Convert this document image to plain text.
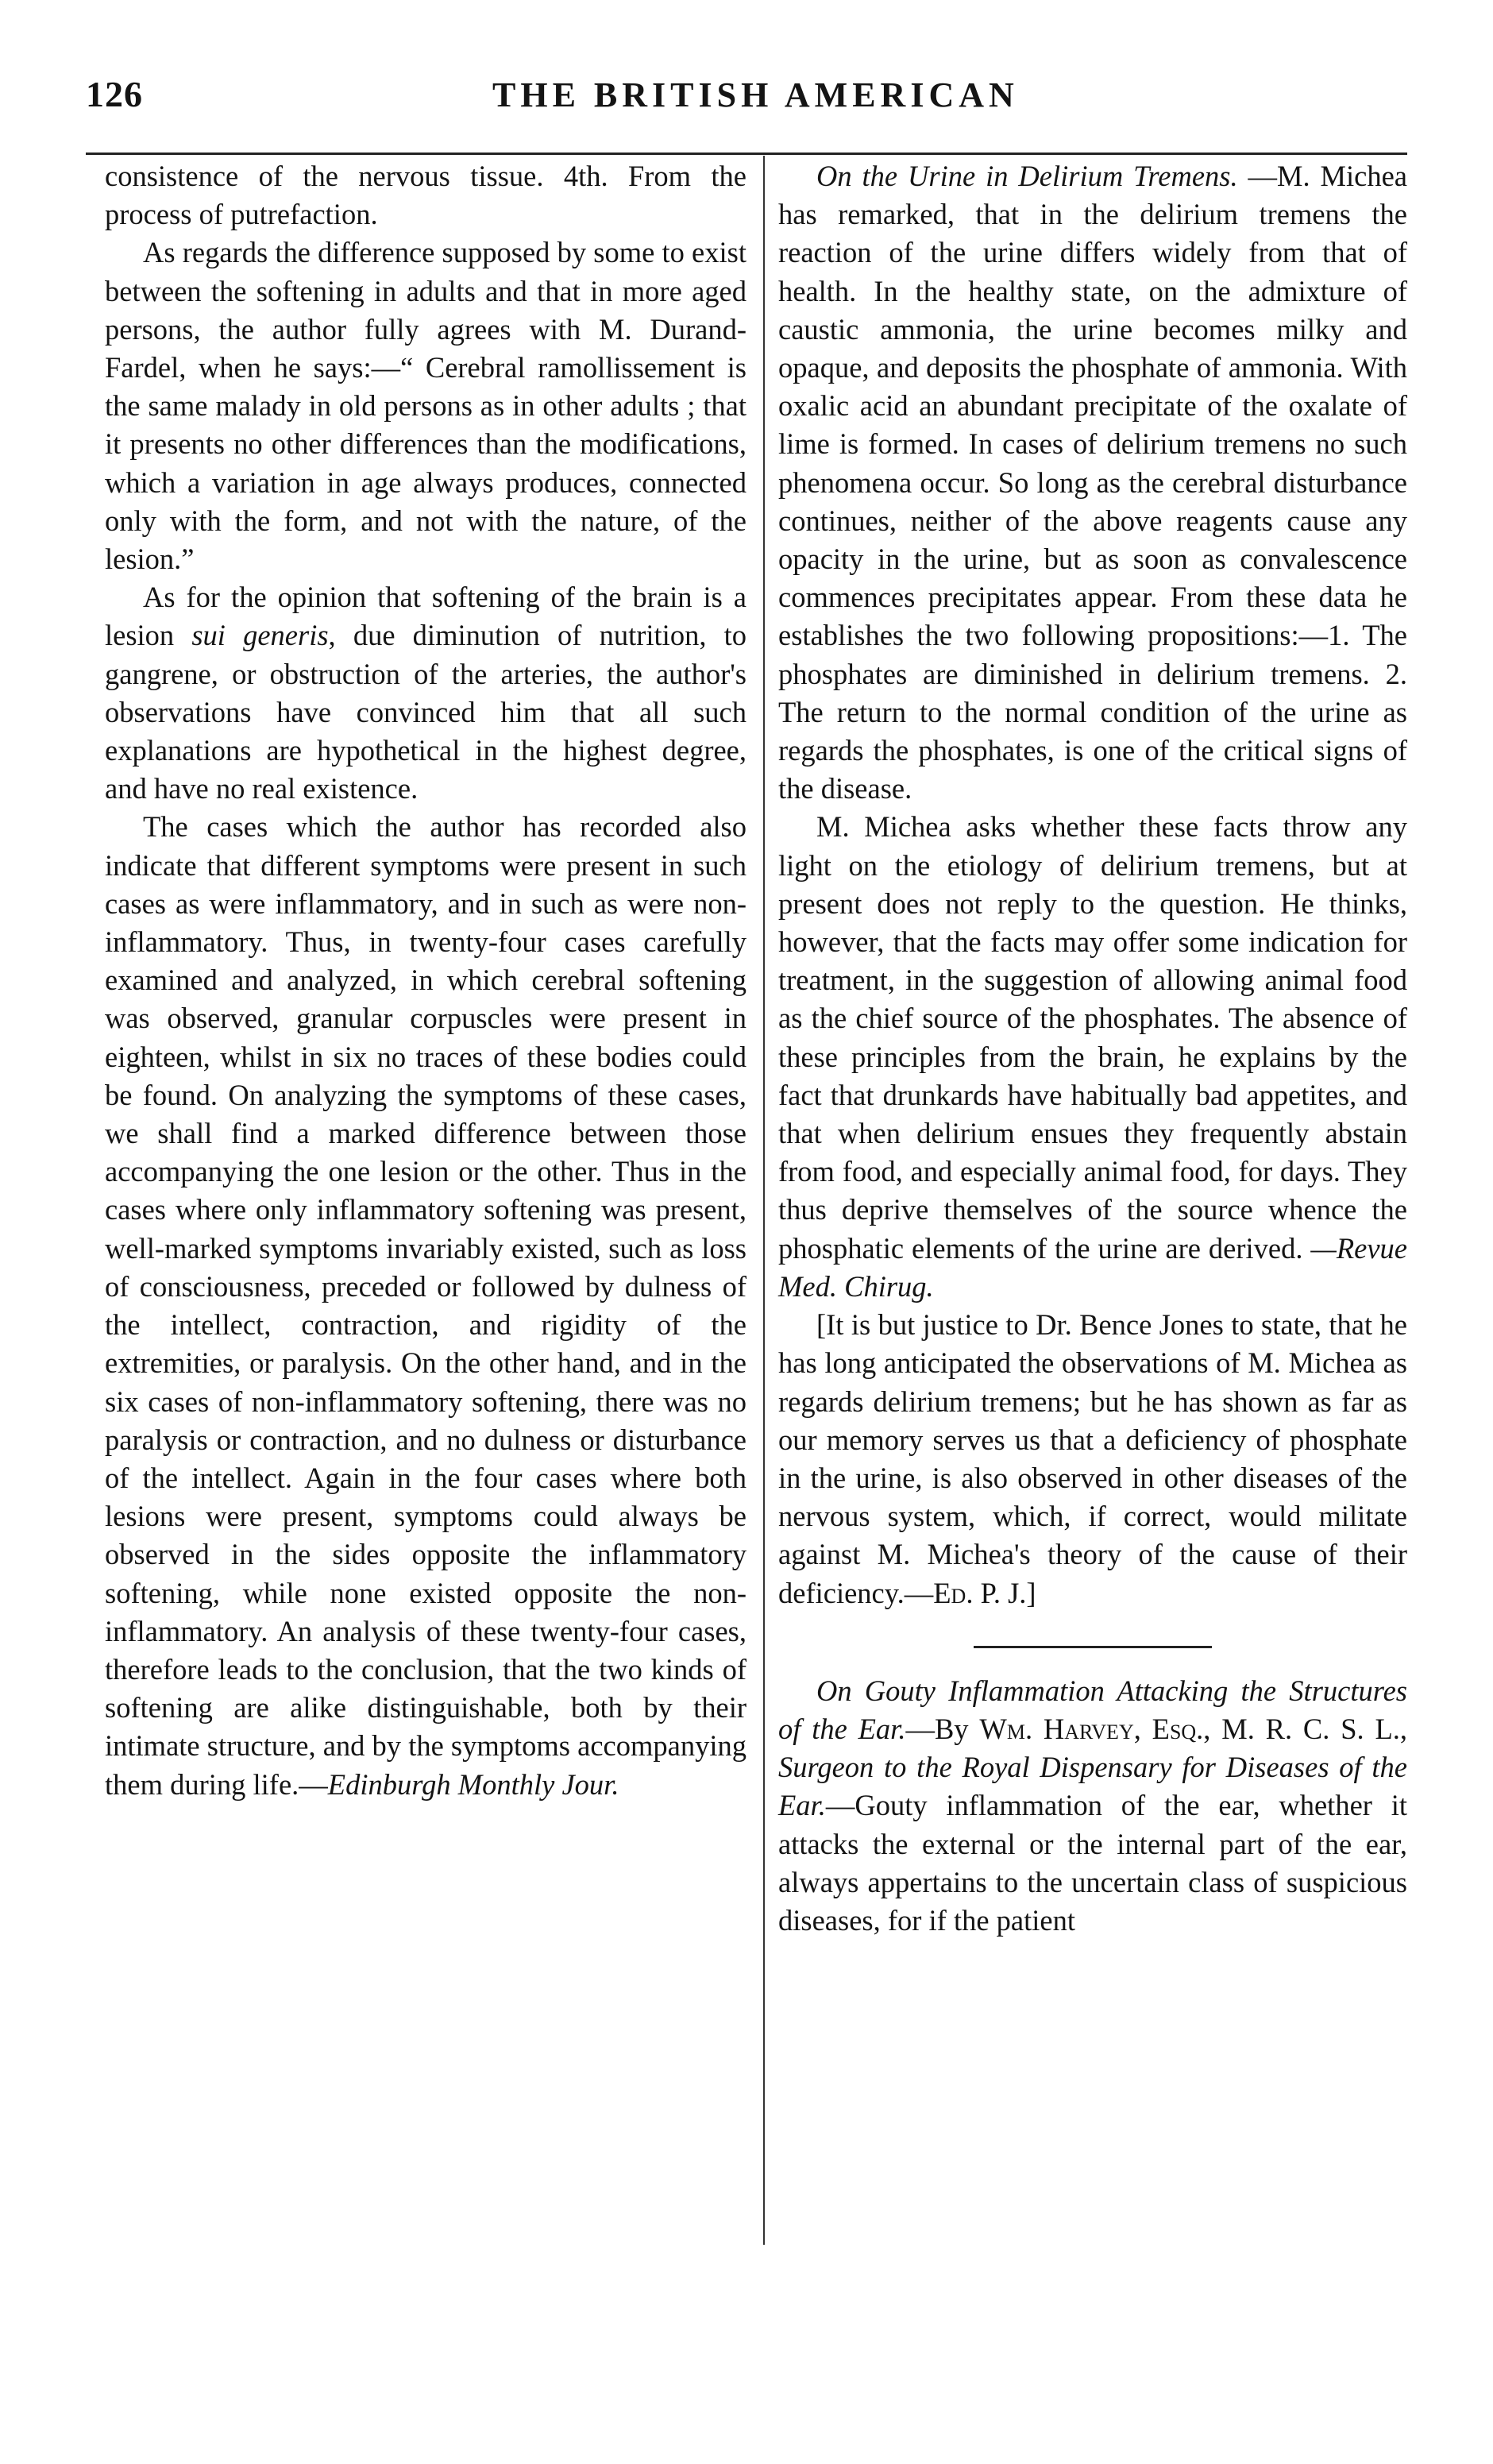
126	THE BRITISH AMERICAN

consistence of the nervous tissue. 4th. From the process of putrefaction.

As regards the difference supposed by some to exist between the softening in adults and that in more aged persons, the author fully agrees with M. Durand-Fardel, when he says:—“ Cerebral ramollissement is the same malady in old persons as in other adults ; that it presents no other differences than the modifications, which a variation in age always produces, connected only with the form, and not with the nature, of the lesion.”

As for the opinion that softening of the brain is a lesion sui generis, due diminution of nutrition, to gangrene, or obstruction of the arteries, the author's observations have convinced him that all such explanations are hypothetical in the highest degree, and have no real existence.

The cases which the author has recorded also indicate that different symptoms were present in such cases as were inflammatory, and in such as were non-inflammatory. Thus, in twenty-four cases carefully examined and analyzed, in which cerebral softening was observed, granular corpuscles were present in eighteen, whilst in six no traces of these bodies could be found. On analyzing the symptoms of these cases, we shall find a marked difference between those accompanying the one lesion or the other. Thus in the cases where only inflammatory softening was present, well-marked symptoms invariably existed, such as loss of consciousness, preceded or followed by dulness of the intellect, contraction, and rigidity of the extremities, or paralysis. On the other hand, and in the six cases of non-inflammatory softening, there was no paralysis or contraction, and no dulness or disturbance of the intellect. Again in the four cases where both lesions were present, symptoms could always be observed in the sides opposite the inflammatory softening, while none existed opposite the non-inflammatory. An analysis of these twenty-four cases, therefore leads to the conclusion, that the two kinds of softening are alike distinguishable, both by their intimate structure, and by the symptoms accompanying them during life.—Edinburgh Monthly Jour.

On the Urine in Delirium Tremens. —M. Michea has remarked, that in the delirium tremens the reaction of the urine differs widely from that of health. In the healthy state, on the admixture of caustic ammonia, the urine becomes milky and opaque, and deposits the phosphate of ammonia. With oxalic acid an abundant precipitate of the oxalate of lime is formed. In cases of delirium tremens no such phenomena occur. So long as the cerebral disturbance continues, neither of the above reagents cause any opacity in the urine, but as soon as convalescence commences precipitates appear. From these data he establishes the two following propositions:—1. The phosphates are diminished in delirium tremens. 2. The return to the normal condition of the urine as regards the phosphates, is one of the critical signs of the disease.

M. Michea asks whether these facts throw any light on the etiology of delirium tremens, but at present does not reply to the question. He thinks, however, that the facts may offer some indication for treatment, in the suggestion of allowing animal food as the chief source of the phosphates. The absence of these principles from the brain, he explains by the fact that drunkards have habitually bad appetites, and that when delirium ensues they frequently abstain from food, and especially animal food, for days. They thus deprive themselves of the source whence the phosphatic elements of the urine are derived. —Revue Med. Chirug.

[It is but justice to Dr. Bence Jones to state, that he has long anticipated the observations of M. Michea as regards delirium tremens; but he has shown as far as our memory serves us that a deficiency of phosphate in the urine, is also observed in other diseases of the nervous system, which, if correct, would militate against M. Michea's theory of the cause of their deficiency.—Ed. P. J.]

On Gouty Inflammation Attacking the Structures of the Ear.—By Wm. Harvey, Esq., M. R. C. S. L., Surgeon to the Royal Dispensary for Diseases of the Ear.—Gouty inflammation of the ear, whether it attacks the external or the internal part of the ear, always appertains to the uncertain class of suspicious diseases, for if the patient
